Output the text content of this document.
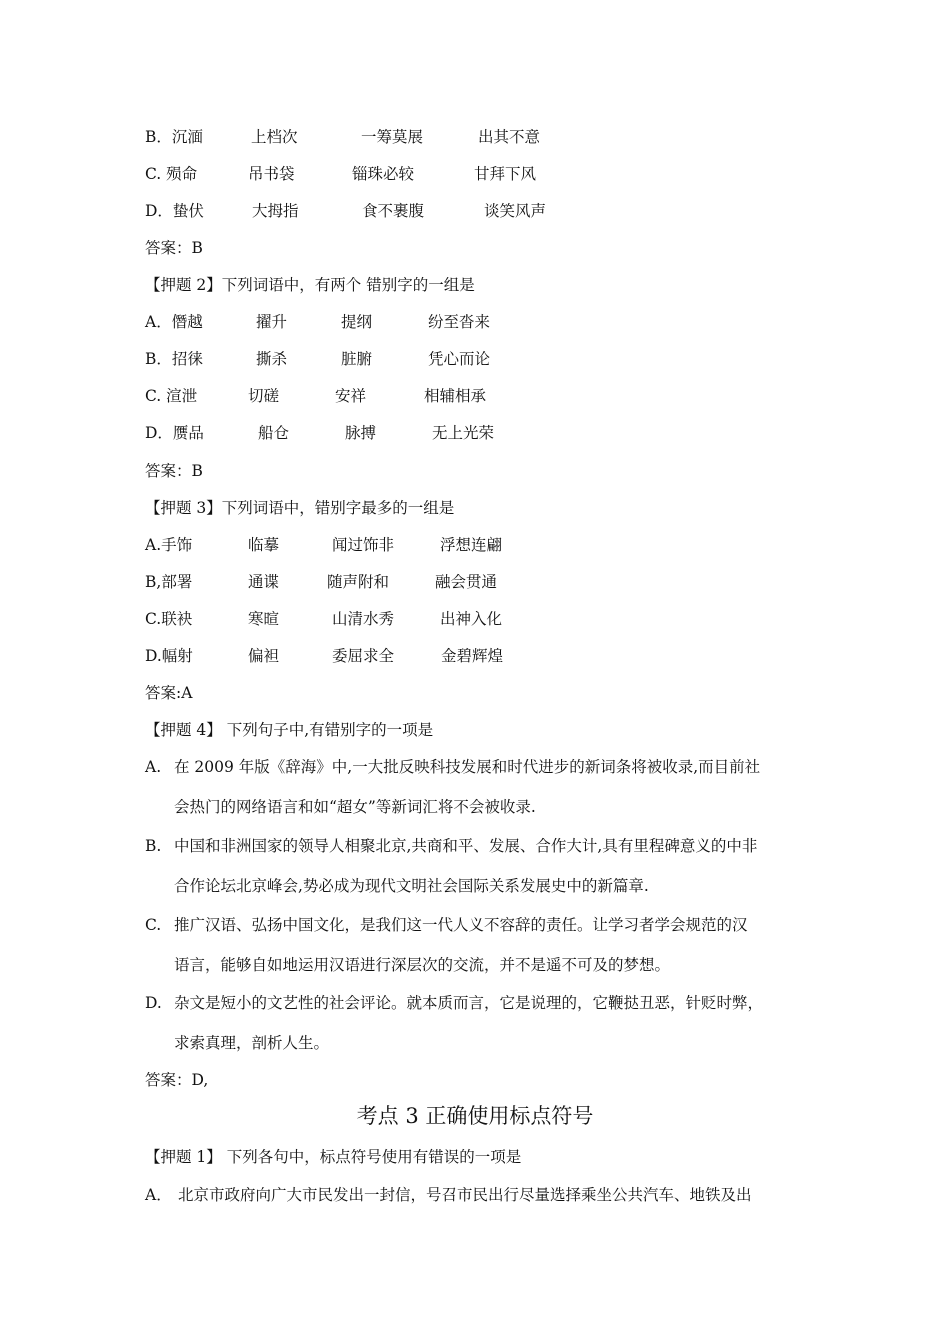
B．沉湎	上档次	一筹莫展	出其不意
C. 殒命	吊书袋	锱珠必较	甘拜下风
D．蛰伏	大拇指	食不裹腹	谈笑风声
答案：B
【押题 2】下列词语中，有两个 错别字的一组是
A．僭越	擢升	提纲	纷至沓来
B．招徕	撕杀	脏腑	凭心而论
C. 渲泄	切磋	安祥	相辅相承
D．赝品	船仓	脉搏	无上光荣
答案：B
【押题 3】下列词语中，错别字最多的一组是
A.手饰	临摹	闻过饰非	浮想连翩
B,部署	通谍	随声附和	融会贯通
C.联袂	寒暄	山清水秀	出神入化
D.幅射	偏袒	委屈求全	金碧辉煌
答案:A
【押题 4】 下列句子中,有错别字的一项是
A. 在 2009 年版《辞海》中,一大批反映科技发展和时代进步的新词条将被收录,而目前社
会热门的网络语言和如“超女”等新词汇将不会被收录.
B. 中国和非洲国家的领导人相聚北京,共商和平、发展、合作大计,具有里程碑意义的中非
合作论坛北京峰会,势必成为现代文明社会国际关系发展史中的新篇章.
C. 推广汉语、弘扬中国文化，是我们这一代人义不容辞的责任。让学习者学会规范的汉
语言，能够自如地运用汉语进行深层次的交流，并不是遥不可及的梦想。
D. 杂文是短小的文艺性的社会评论。就本质而言，它是说理的，它鞭挞丑恶，针贬时弊，
求索真理，剖析人生。
答案：D,
考点 3 正确使用标点符号
【押题 1】 下列各句中，标点符号使用有错误的一项是
A． 北京市政府向广大市民发出一封信，号召市民出行尽量选择乘坐公共汽车、地铁及出
